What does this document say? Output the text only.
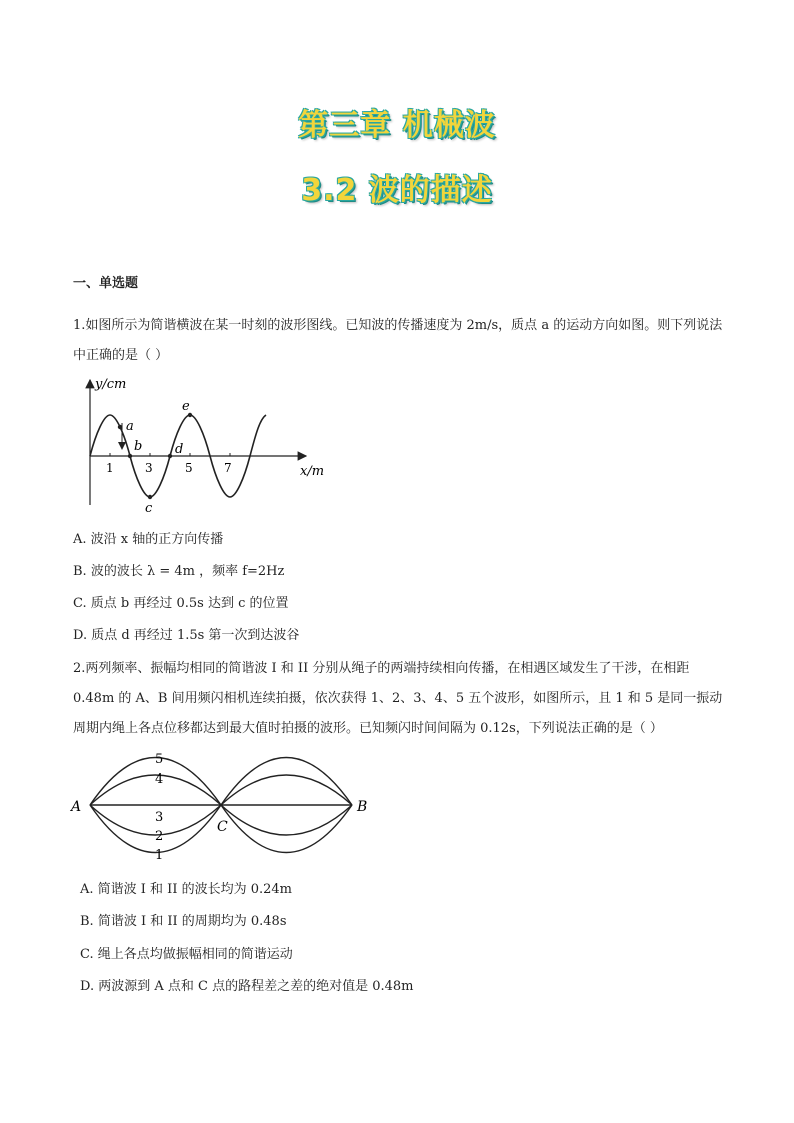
第三章 机械波
3.2 波的描述
一、单选题
1.如图所示为简谐横波在某一时刻的波形图线。已知波的传播速度为 2m/s，质点 a 的运动方向如图。则下列说法中正确的是（ ）
y/cm
x/m
1	3	5	7
a
b
c
d
e
A. 波沿 x 轴的正方向传播
B. 波的波长 λ = 4m ，频率 f=2Hz
C. 质点 b 再经过 0.5s 达到 c 的位置
D. 质点 d 再经过 1.5s 第一次到达波谷
2.两列频率、振幅均相同的简谐波 I 和 II 分别从绳子的两端持续相向传播，在相遇区域发生了干涉，在相距 0.48m 的 A、B 间用频闪相机连续拍摄，依次获得 1、2、3、4、5 五个波形，如图所示，且 1 和 5 是同一振动周期内绳上各点位移都达到最大值时拍摄的波形。已知频闪时间间隔为 0.12s，下列说法正确的是（ ）
A	B
C
5
4
3
2
1
A. 简谐波 I 和 II 的波长均为 0.24m
B. 简谐波 I 和 II 的周期均为 0.48s
C. 绳上各点均做振幅相同的简谐运动
D. 两波源到 A 点和 C 点的路程差之差的绝对值是 0.48m
